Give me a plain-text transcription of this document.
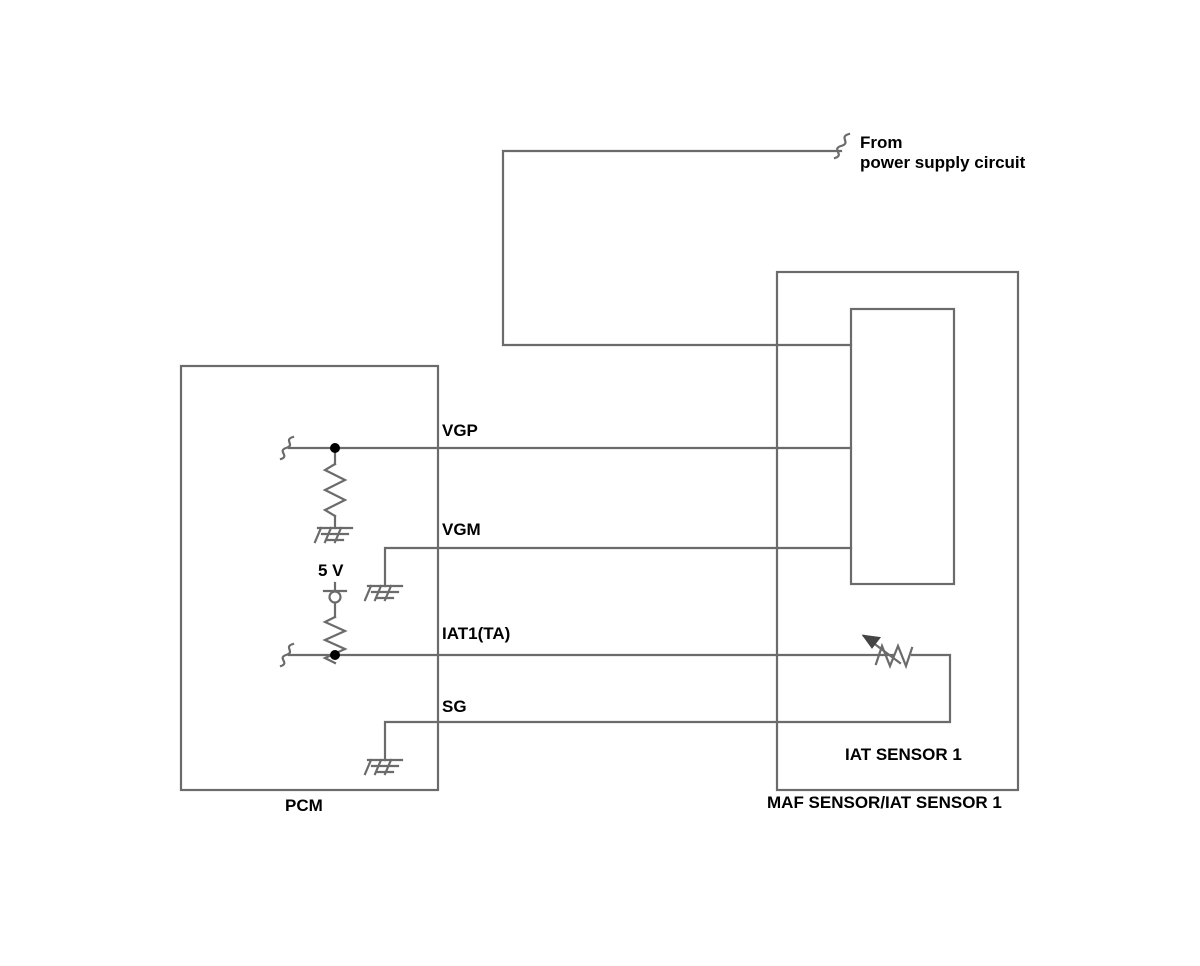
From
power supply circuit
VGP
VGM
IAT1(TA)
SG
5 V
IAT SENSOR 1
PCM	MAF SENSOR/IAT SENSOR 1
